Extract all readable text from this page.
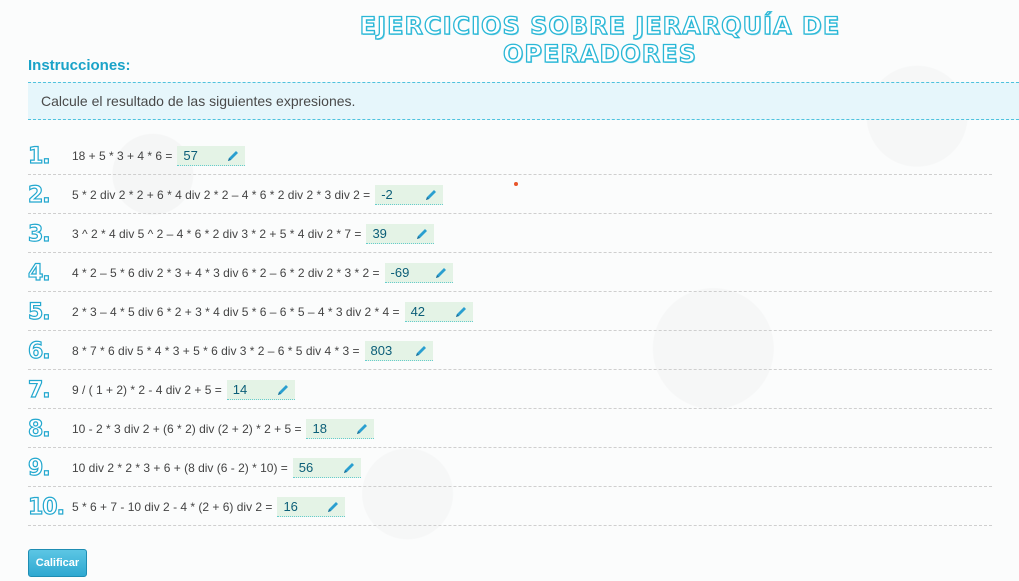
EJERCICIOS SOBRE JERARQUÍA DE OPERADORES
Instrucciones:
Calcule el resultado de las siguientes expresiones.
1. 18 + 5 * 3 + 4 * 6 = 57
2. 5 * 2 div 2 * 2 + 6 * 4 div 2 * 2 – 4 * 6 * 2 div 2 * 3 div 2 = -2
3. 3 ^ 2 * 4 div 5 ^ 2 – 4 * 6 * 2 div 3 * 2 + 5 * 4 div 2 * 7 = 39
4. 4 * 2 – 5 * 6 div 2 * 3 + 4 * 3 div 6 * 2 – 6 * 2 div 2 * 3 * 2 = -69
5. 2 * 3 – 4 * 5 div 6 * 2 + 3 * 4 div 5 * 6 – 6 * 5 – 4 * 3 div 2 * 4 = 42
6. 8 * 7 * 6 div 5 * 4 * 3 + 5 * 6 div 3 * 2 – 6 * 5 div 4 * 3 = 803
7. 9 / ( 1 + 2) * 2 - 4 div 2 + 5 = 14
8. 10 - 2 * 3 div 2 + (6 * 2) div (2 + 2) * 2 + 5 = 18
9. 10 div 2 * 2 * 3 + 6 + (8 div (6 - 2) * 10) = 56
10. 5 * 6 + 7 - 10 div 2 - 4 * (2 + 6) div 2 = 16
Calificar
